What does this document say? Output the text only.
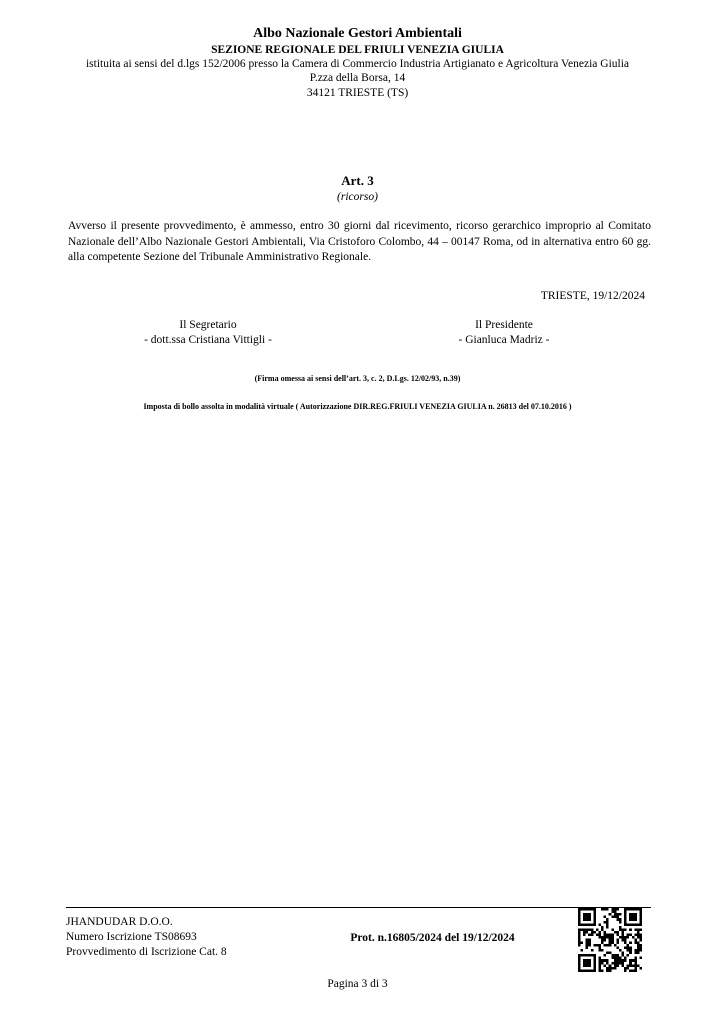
Albo Nazionale Gestori Ambientali
SEZIONE REGIONALE DEL FRIULI VENEZIA GIULIA
istituita ai sensi del d.lgs 152/2006 presso la Camera di Commercio Industria Artigianato e Agricoltura Venezia Giulia
P.zza della Borsa, 14
34121 TRIESTE (TS)
Art. 3
(ricorso)
Avverso il presente provvedimento, è ammesso, entro 30 giorni dal ricevimento, ricorso gerarchico improprio al Comitato Nazionale dell’Albo Nazionale Gestori Ambientali, Via Cristoforo Colombo, 44 – 00147 Roma, od in alternativa entro 60 gg. alla competente Sezione del Tribunale Amministrativo Regionale.
TRIESTE, 19/12/2024
Il Segretario
- dott.ssa Cristiana Vittigli -
Il Presidente
- Gianluca Madriz -
(Firma omessa ai sensi dell’art. 3, c. 2, D.Lgs. 12/02/93, n.39)
Imposta di bollo assolta in modalità virtuale ( Autorizzazione DIR.REG.FRIULI VENEZIA GIULIA n. 26813 del 07.10.2016 )
JHANDUDAR D.O.O.
Numero Iscrizione TS08693
Provvedimento di Iscrizione Cat. 8
Prot. n.16805/2024 del 19/12/2024
Pagina 3 di 3
